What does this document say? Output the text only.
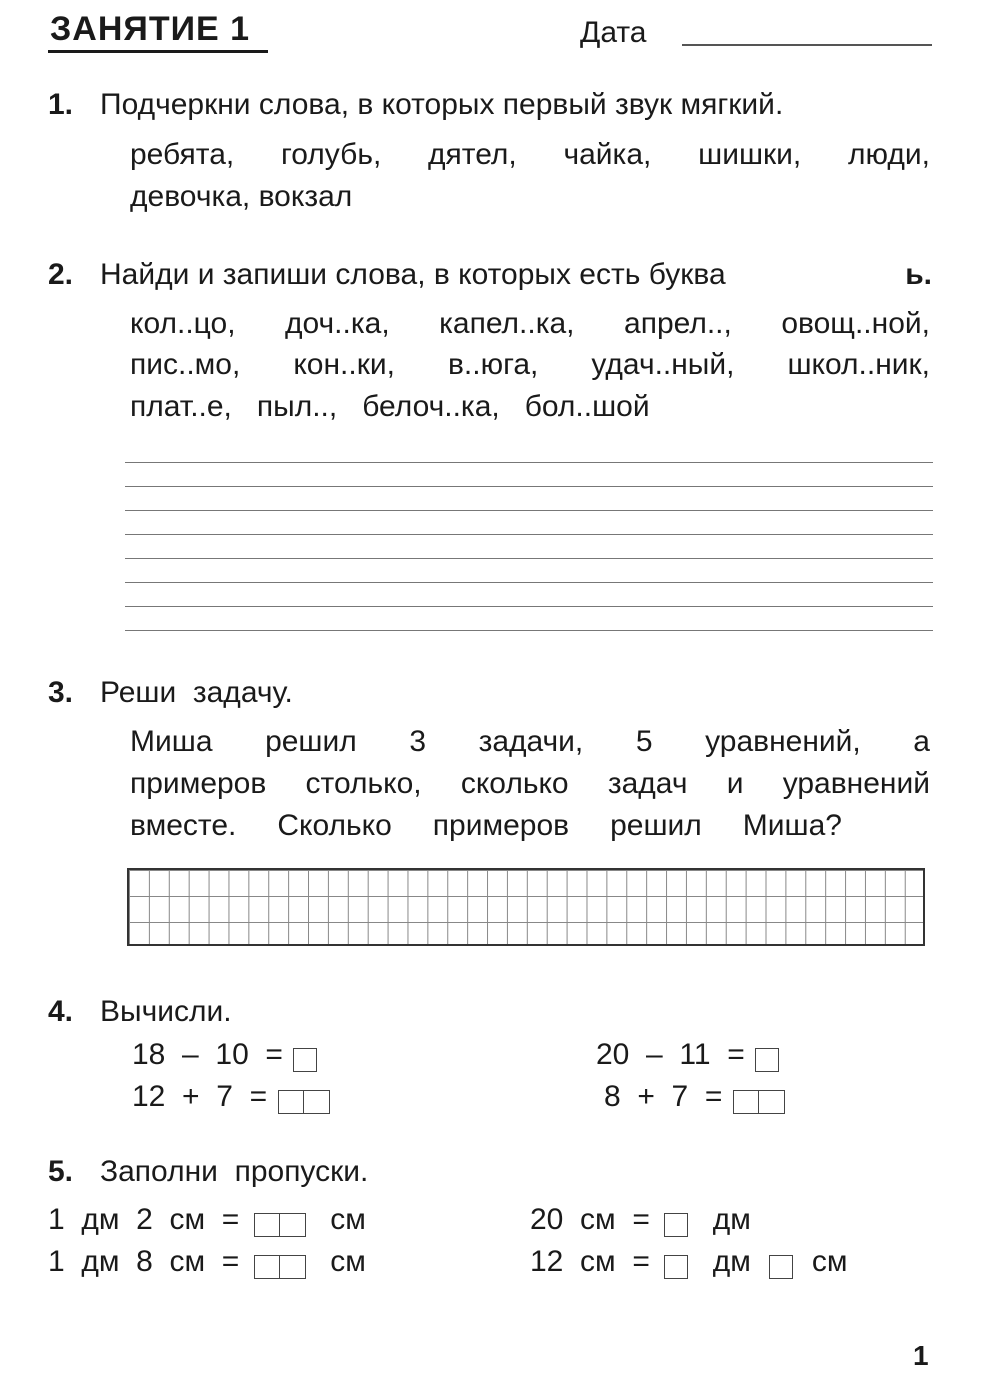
ЗАНЯТИЕ 1	Дата
1. Подчеркни слова, в которых первый звук мягкий.
ребята, голубь, дятел, чайка, шишки, люди,
девочка, вокзал
2. Найди и запиши слова, в которых есть буква	ь.
кол..цо, доч..ка, капел..ка, апрел.., овощ..ной,
пис..мо, кон..ки, в..юга, удач..ный, школ..ник,
плат..е,   пыл..,   белоч..ка,   бол..шой
3. Реши  задачу.
Миша решил 3 задачи, 5 уравнений, а
примеров столько, сколько задач и уравнений
вместе. Сколько примеров решил Миша?
4. Вычисли.
18  –  10  =	20  –  11  =
12  +  7  =	8  +  7  =
5. Заполни  пропуски.
1  дм  2  см  =	см	20  см  = дм
1  дм  8  см  =	см	12  см  = дм см
1
